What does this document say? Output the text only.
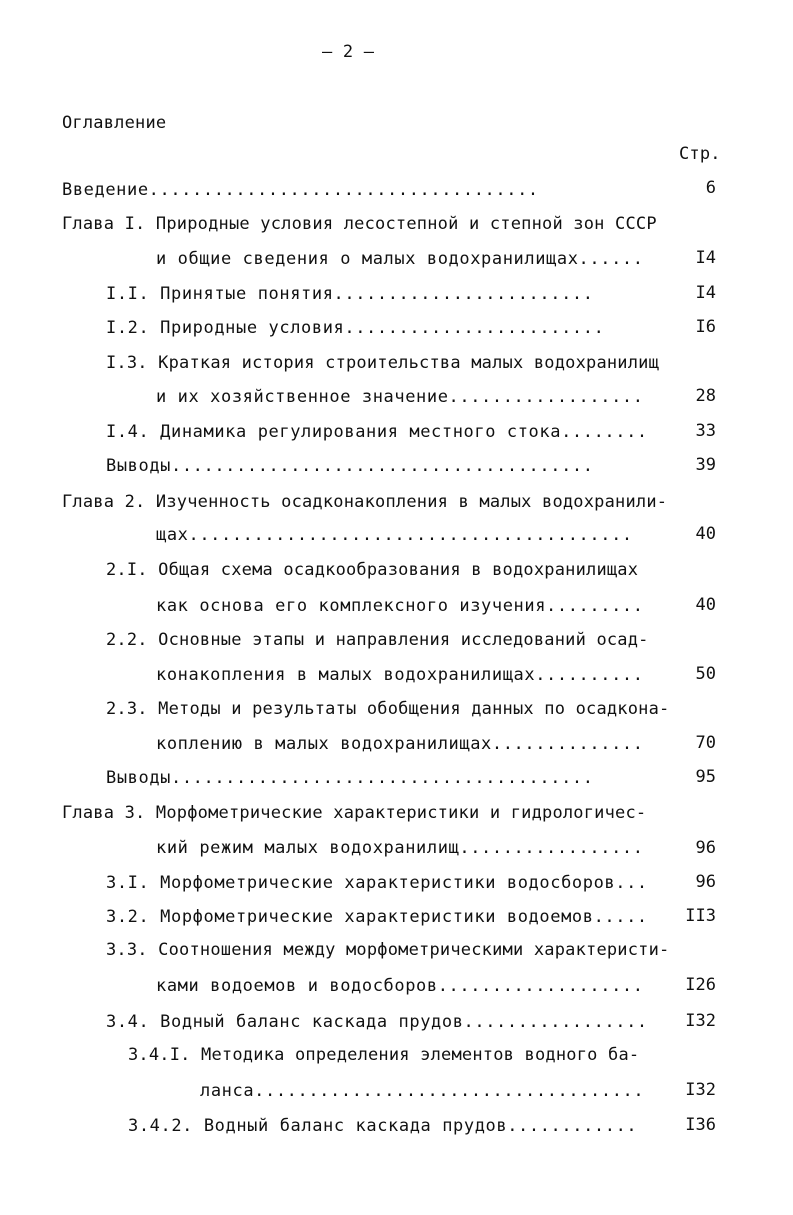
– 2 –
Оглавление
Стр.
Введение....................................	6
Глава I. Природные условия лесостепной и степной зон СССР
и общие сведения о малых водохранилищах......	I4
I.I. Принятые понятия........................	I4
I.2. Природные условия........................	I6
I.3. Краткая история строительства малых водохранилищ
и их хозяйственное значение..................	28
I.4. Динамика регулирования местного стока........	33
Выводы.......................................	39
Глава 2. Изученность осадконакопления в малых водохранили-
щах.........................................	40
2.I. Общая схема осадкообразования в водохранилищах
как основа его комплексного изучения.........	40
2.2. Основные этапы и направления исследований осад-
конакопления в малых водохранилищах..........	50
2.3. Методы и результаты обобщения данных по осадкона-
коплению в малых водохранилищах..............	70
Выводы.......................................	95
Глава 3. Морфометрические характеристики и гидрологичес-
кий режим малых водохранилищ.................	96
3.I. Морфометрические характеристики водосборов...	96
3.2. Морфометрические характеристики водоемов.....	II3
3.3. Соотношения между морфометрическими характеристи-
ками водоемов и водосборов...................	I26
3.4. Водный баланс каскада прудов.................	I32
3.4.I. Методика определения элементов водного ба-
ланса....................................	I32
3.4.2. Водный баланс каскада прудов............	I36
